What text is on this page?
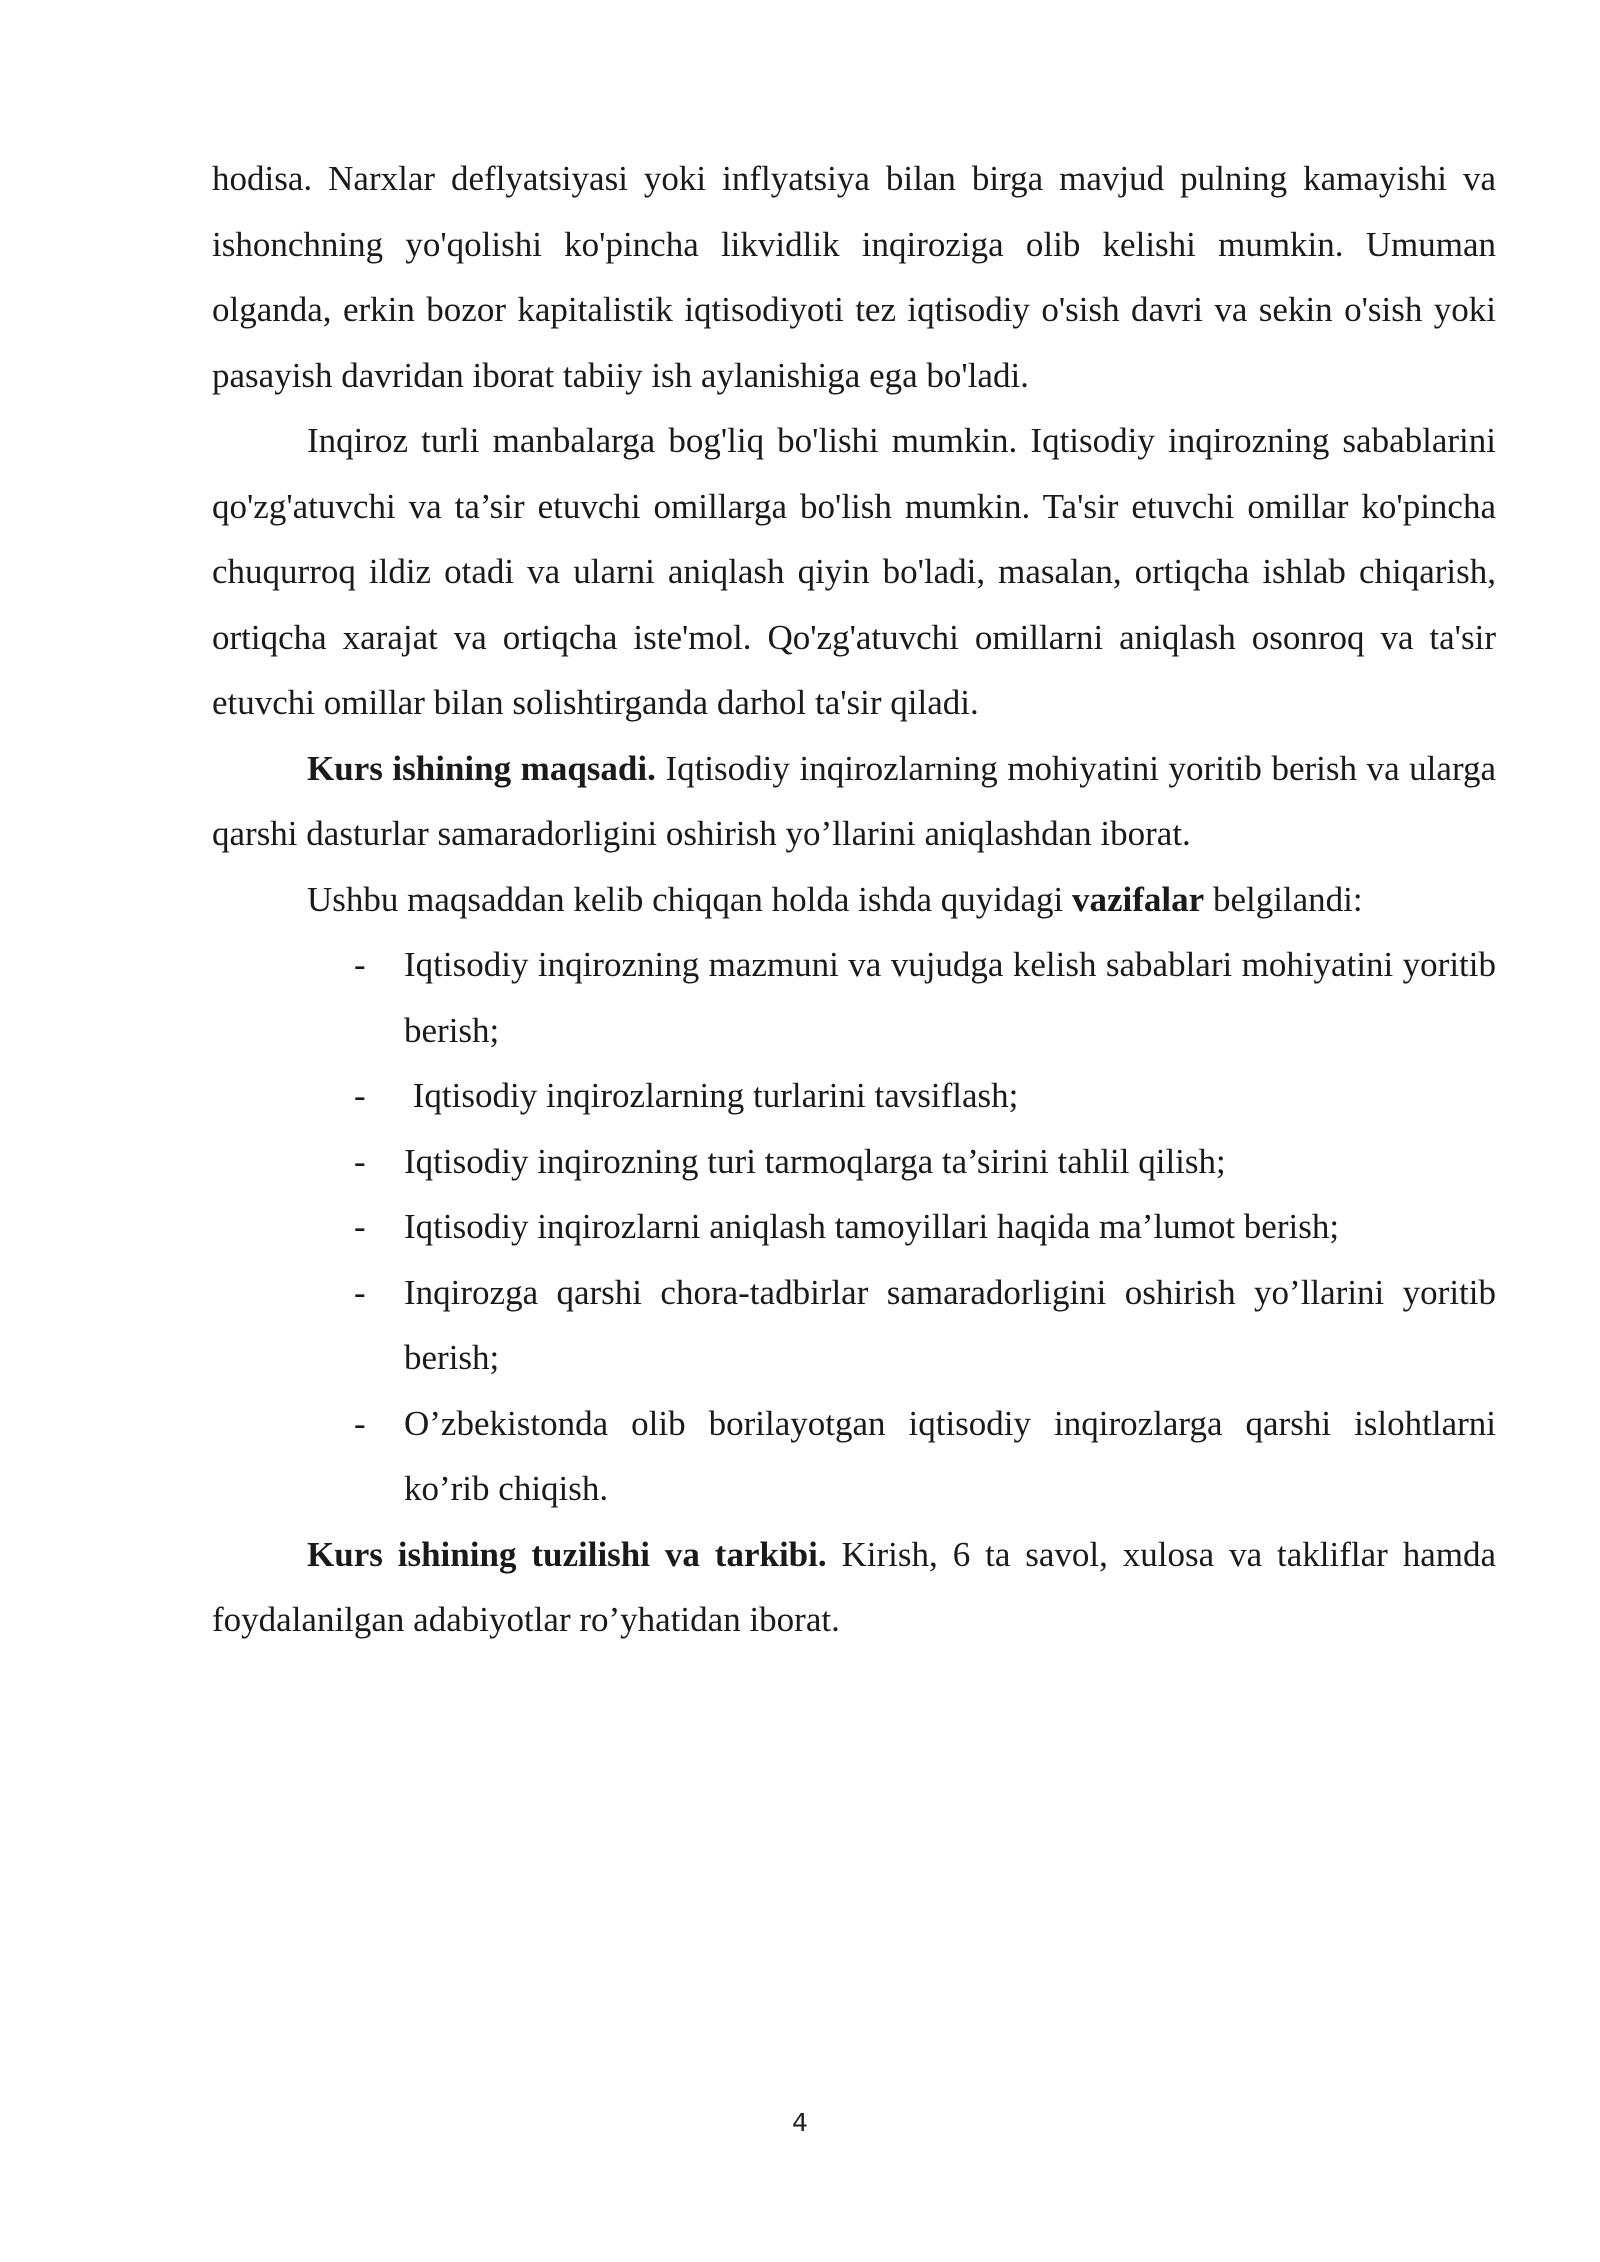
hodisa. Narxlar deflyatsiyasi yoki inflyatsiya bilan birga mavjud pulning kamayishi va ishonchning yo'qolishi ko'pincha likvidlik inqiroziga olib kelishi mumkin. Umuman olganda, erkin bozor kapitalistik iqtisodiyoti tez iqtisodiy o'sish davri va sekin o'sish yoki pasayish davridan iborat tabiiy ish aylanishiga ega bo'ladi.

Inqiroz turli manbalarga bog'liq bo'lishi mumkin. Iqtisodiy inqirozning sabablarini qo'zg'atuvchi va ta’sir etuvchi omillarga bo'lish mumkin. Ta'sir etuvchi omillar ko'pincha chuqurroq ildiz otadi va ularni aniqlash qiyin bo'ladi, masalan, ortiqcha ishlab chiqarish, ortiqcha xarajat va ortiqcha iste'mol. Qo'zg'atuvchi omillarni aniqlash osonroq va ta'sir etuvchi omillar bilan solishtirganda darhol ta'sir qiladi.

Kurs ishining maqsadi. Iqtisodiy inqirozlarning mohiyatini yoritib berish va ularga qarshi dasturlar samaradorligini oshirish yo’llarini aniqlashdan iborat.

Ushbu maqsaddan kelib chiqqan holda ishda quyidagi vazifalar belgilandi:

- Iqtisodiy inqirozning mazmuni va vujudga kelish sabablari mohiyatini yoritib berish;
- Iqtisodiy inqirozlarning turlarini tavsiflash;
- Iqtisodiy inqirozning turi tarmoqlarga ta’sirini tahlil qilish;
- Iqtisodiy inqirozlarni aniqlash tamoyillari haqida ma’lumot berish;
- Inqirozga qarshi chora-tadbirlar samaradorligini oshirish yo’llarini yoritib berish;
- O’zbekistonda olib borilayotgan iqtisodiy inqirozlarga qarshi islohtlarni ko’rib chiqish.

Kurs ishining tuzilishi va tarkibi. Kirish, 6 ta savol, xulosa va takliflar hamda foydalanilgan adabiyotlar ro’yhatidan iborat.

4
